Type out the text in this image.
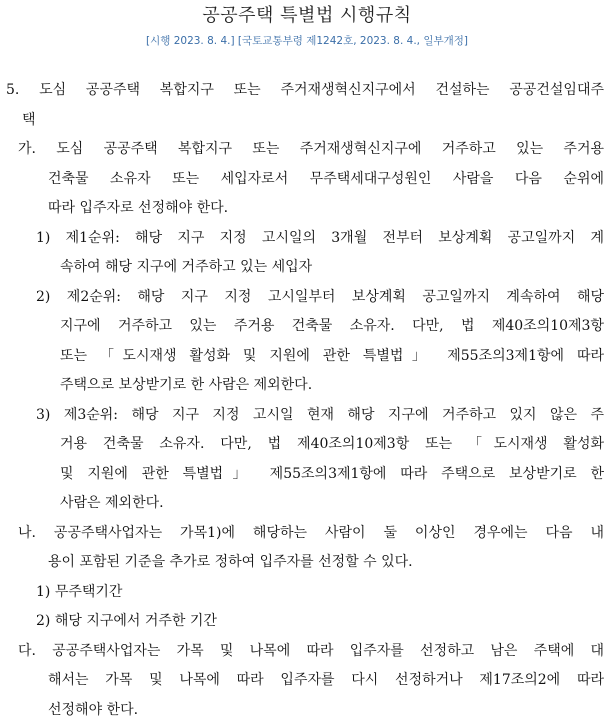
공공주택 특별법 시행규칙
[시행 2023. 8. 4.] [국토교통부령 제1242호, 2023. 8. 4., 일부개정]
5. 도심 공공주택 복합지구 또는 주거재생혁신지구에서 건설하는 공공건설임대주
택
가. 도심 공공주택 복합지구 또는 주거재생혁신지구에 거주하고 있는 주거용
건축물 소유자 또는 세입자로서 무주택세대구성원인 사람을 다음 순위에
따라 입주자로 선정해야 한다.
1) 제1순위: 해당 지구 지정 고시일의 3개월 전부터 보상계획 공고일까지 계
속하여 해당 지구에 거주하고 있는 세입자
2) 제2순위: 해당 지구 지정 고시일부터 보상계획 공고일까지 계속하여 해당
지구에 거주하고 있는 주거용 건축물 소유자. 다만, 법 제40조의10제3항
또는 「도시재생 활성화 및 지원에 관한 특별법」 제55조의3제1항에 따라
주택으로 보상받기로 한 사람은 제외한다.
3) 제3순위: 해당 지구 지정 고시일 현재 해당 지구에 거주하고 있지 않은 주
거용 건축물 소유자. 다만, 법 제40조의10제3항 또는 「도시재생 활성화
및 지원에 관한 특별법」 제55조의3제1항에 따라 주택으로 보상받기로 한
사람은 제외한다.
나. 공공주택사업자는 가목1)에 해당하는 사람이 둘 이상인 경우에는 다음 내
용이 포함된 기준을 추가로 정하여 입주자를 선정할 수 있다.
1) 무주택기간
2) 해당 지구에서 거주한 기간
다. 공공주택사업자는 가목 및 나목에 따라 입주자를 선정하고 남은 주택에 대
해서는 가목 및 나목에 따라 입주자를 다시 선정하거나 제17조의2에 따라
선정해야 한다.
